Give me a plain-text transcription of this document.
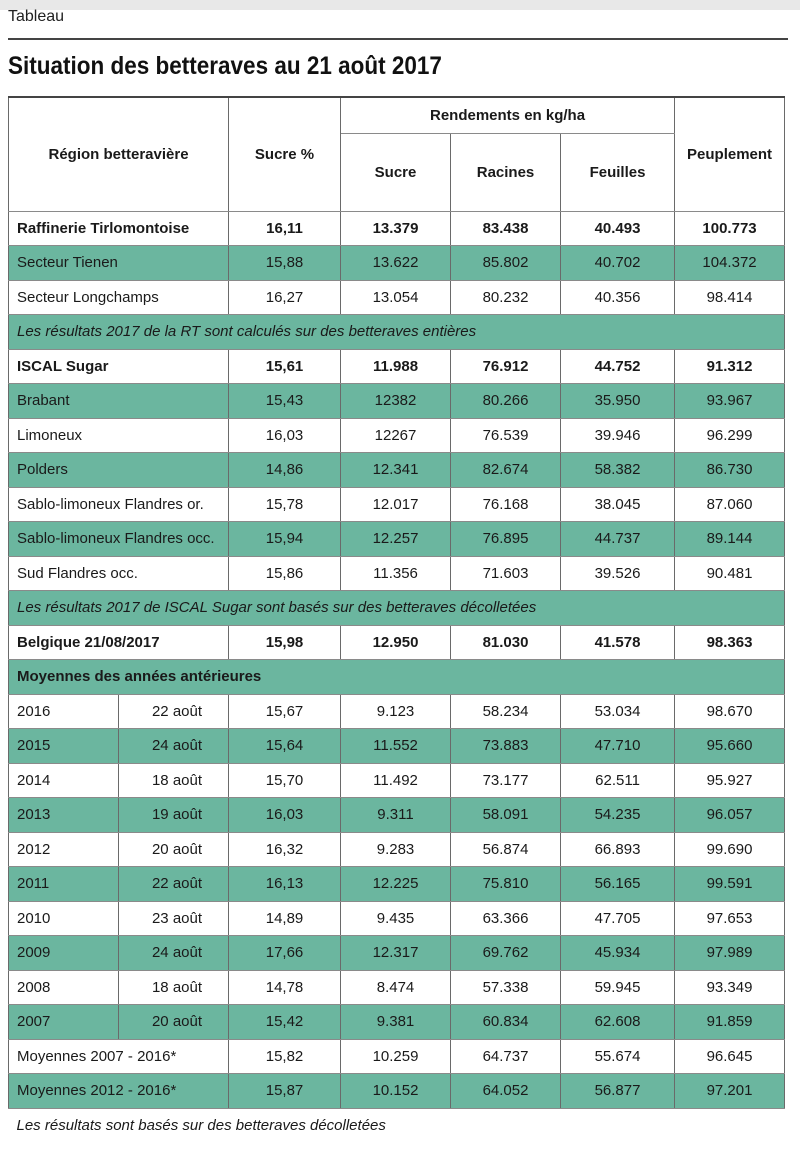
Tableau
Situation des betteraves au 21 août 2017
Région betteravière		Sucre %	Rendements en kg/ha			Peuplement
			Sucre	Racines	Feuilles	
Raffinerie Tirlomontoise		16,11	13.379	83.438	40.493	100.773
Secteur Tienen		15,88	13.622	85.802	40.702	104.372
Secteur Longchamps		16,27	13.054	80.232	40.356	98.414
Les résultats 2017 de la RT sont calculés sur des betteraves entières						
ISCAL Sugar		15,61	11.988	76.912	44.752	91.312
Brabant		15,43	12382	80.266	35.950	93.967
Limoneux		16,03	12267	76.539	39.946	96.299
Polders		14,86	12.341	82.674	58.382	86.730
Sablo-limoneux Flandres or.		15,78	12.017	76.168	38.045	87.060
Sablo-limoneux Flandres occ.		15,94	12.257	76.895	44.737	89.144
Sud Flandres occ.		15,86	11.356	71.603	39.526	90.481
Les résultats 2017 de ISCAL Sugar sont basés sur des betteraves décolletées						
Belgique 21/08/2017		15,98	12.950	81.030	41.578	98.363
Moyennes des années antérieures						
2016	22 août	15,67	9.123	58.234	53.034	98.670
2015	24 août	15,64	11.552	73.883	47.710	95.660
2014	18 août	15,70	11.492	73.177	62.511	95.927
2013	19 août	16,03	9.311	58.091	54.235	96.057
2012	20 août	16,32	9.283	56.874	66.893	99.690
2011	22 août	16,13	12.225	75.810	56.165	99.591
2010	23 août	14,89	9.435	63.366	47.705	97.653
2009	24 août	17,66	12.317	69.762	45.934	97.989
2008	18 août	14,78	8.474	57.338	59.945	93.349
2007	20 août	15,42	9.381	60.834	62.608	91.859
Moyennes 2007 - 2016*		15,82	10.259	64.737	55.674	96.645
Moyennes 2012 - 2016*		15,87	10.152	64.052	56.877	97.201
Les résultats sont basés sur des betteraves décolletées						
